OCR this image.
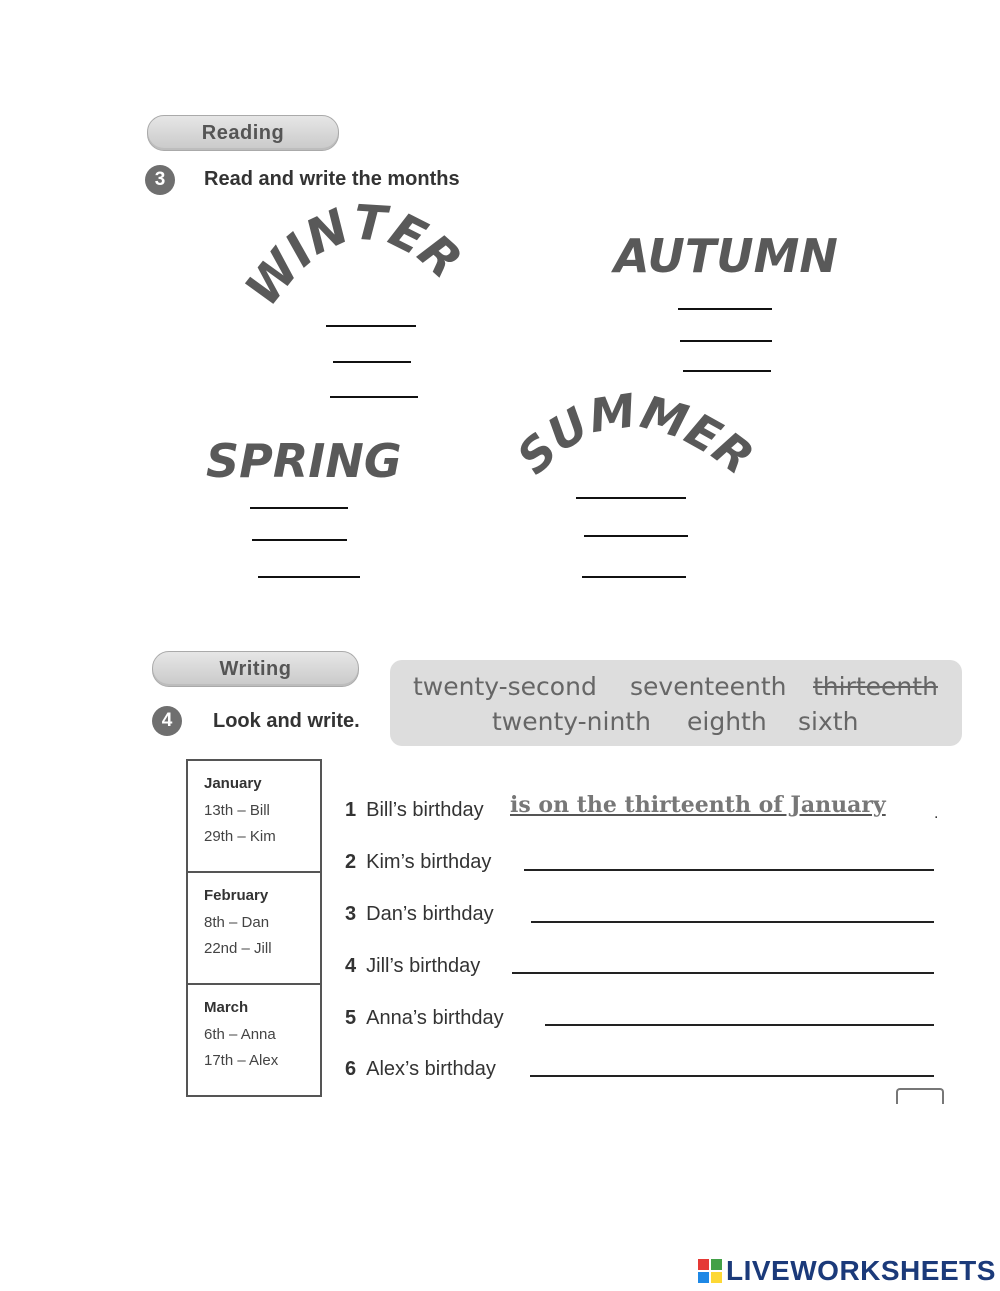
Reading
3	Read and write the months
WINTER	AUTUMN
SPRING SUMMER
Writing
4	Look and write.
twenty-second seventeenth thirteenth
twenty-ninth eighth sixth
January
13th – Bill
29th – Kim
February
8th – Dan
22nd – Jill
March
6th – Anna
17th – Alex
1 Bill’s birthday is on the thirteenth of January	.
2 Kim’s birthday
3 Dan’s birthday
4 Jill’s birthday
5 Anna’s birthday
6 Alex’s birthday
LIVEWORKSHEETS
